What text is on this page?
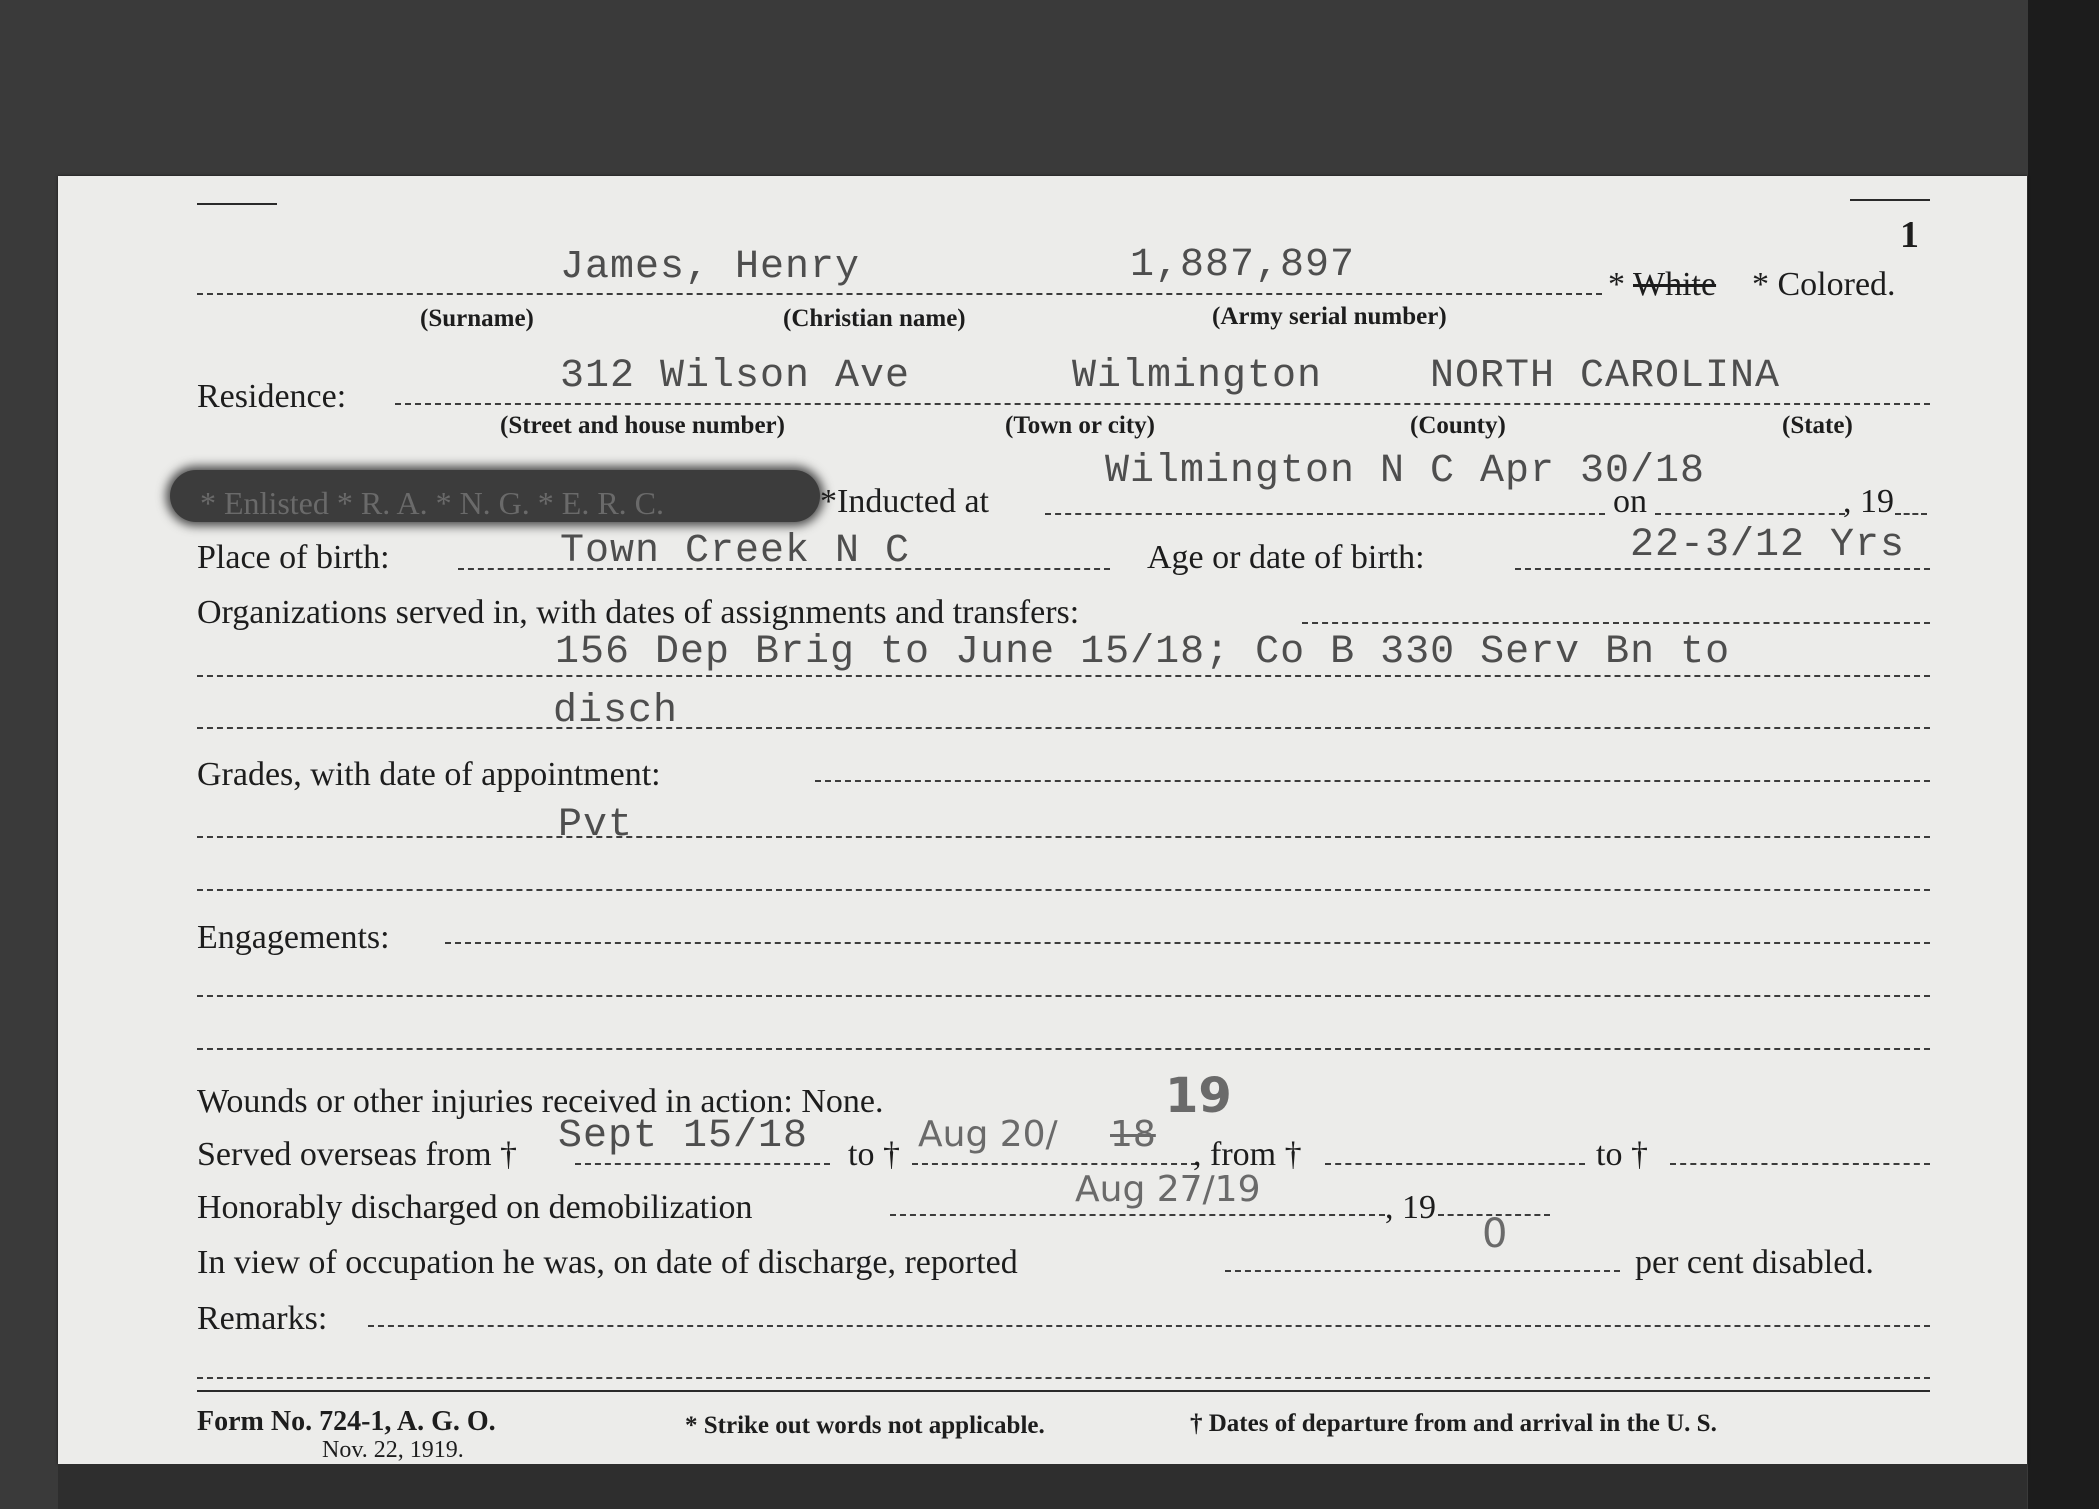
1
James, Henry	1,887,897	* White * Colored.
(Surname)	(Christian name)	(Army serial number)
Residence:	312 Wilson Ave	Wilmington	NORTH CAROLINA
(Street and house number)	(Town or city)	(County)	(State)
* Enlisted * R. A. * N. G. * E. R. C.	*Inducted at
Wilmington N C Apr 30/18
on	, 19
Place of birth:	Town Creek N C	Age or date of birth:	22-3/12 Yrs
Organizations served in, with dates of assignments and transfers:
156 Dep Brig to June 15/18; Co B 330 Serv Bn to
disch
Grades, with date of appointment:
Pvt
Engagements:
Wounds or other injuries received in action: None.	19
Served overseas from † Sept 15/18 to † Aug 20/ 18 , from †	to †
Honorably discharged on demobilization	Aug 27/19	, 19
In view of occupation he was, on date of discharge, reported
0
per cent disabled.
Remarks:
Form No. 724-1, A. G. O.
Nov. 22, 1919.
* Strike out words not applicable.	† Dates of departure from and arrival in the U. S.
